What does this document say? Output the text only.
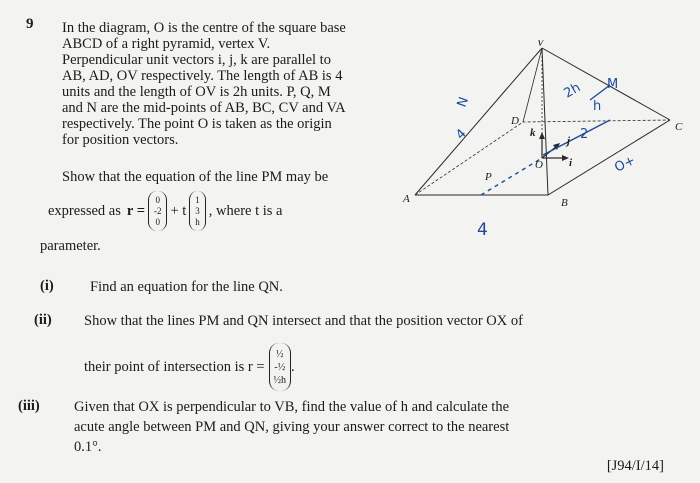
9 In the diagram, O is the centre of the square base
ABCD of a right pyramid, vertex V.
Perpendicular unit vectors i, j, k are parallel to
AB, AD, OV respectively. The length of AB is 4
units and the length of OV is 2h units. P, Q, M
and N are the mid-points of AB, BC, CV and VA
respectively. The point O is taken as the origin
for position vectors.
Show that the equation of the line PM may be
expressed as r =
0
-2
0
+ t
1
3
h
, where t is a
parameter.
(i)	Find an equation for the line QN.
(ii) Show that the lines PM and QN intersect and that the position vector OX of
their point of intersection is r =
½
-½
½h
.
(iii) Given that OX is perpendicular to VB, find the value of h and calculate the
acute angle between PM and QN, giving your answer correct to the nearest
0.1°.
[J94/I/14]
V
A	B
C
D
O
P
k
j
i
N
M
2h
h
4
4
2
O+
